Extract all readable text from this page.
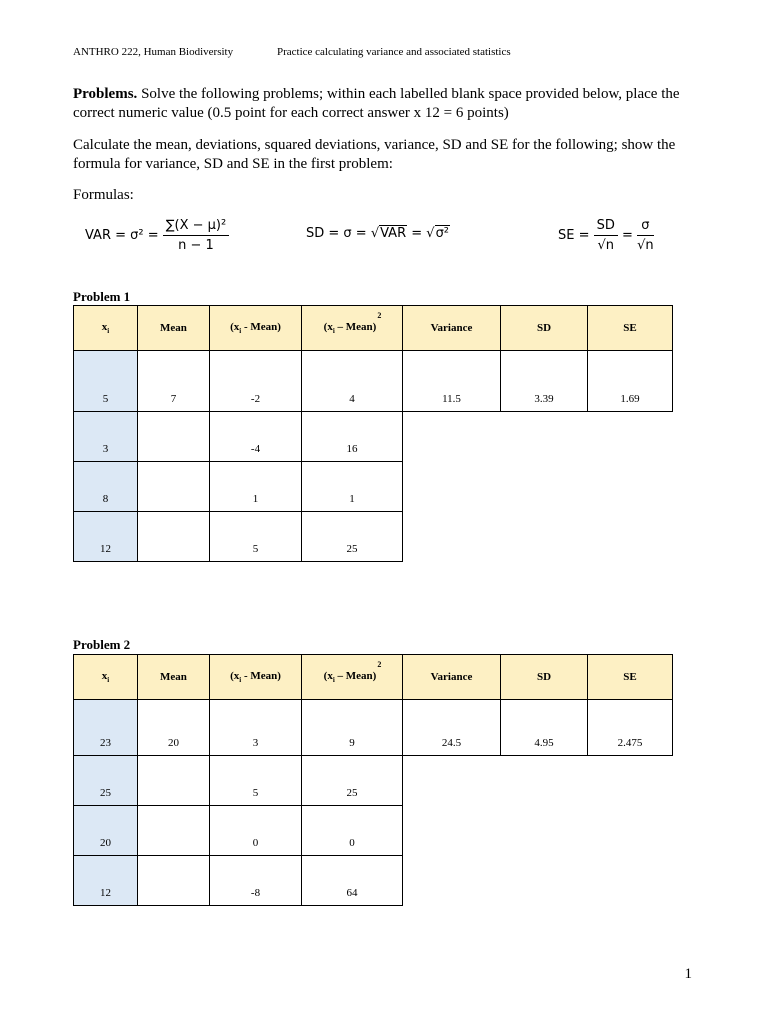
ANTHRO 222, Human Biodiversity	Practice calculating variance and associated statistics
Problems. Solve the following problems; within each labelled blank space provided below, place the correct numeric value (0.5 point for each correct answer x 12 = 6 points)
Calculate the mean, deviations, squared deviations, variance, SD and SE for the following; show the formula for variance, SD and SE in the first problem:
Formulas:
VAR = $\sigma^2 = \frac{\text{∑(X − μ)²}}{n - 1}$	SD = σ = √VAR = √σ²	SE = $\frac{SD}{√n} = \frac{\sigma}{√n}$
Problem 1
$x_i$	Mean	($x_i$ - Mean)	($x_i$ – Mean)$^2$	Variance	SD	SE
5	7	-2	4	11.5	3.39	1.69
3		-4	16			
8		1	1			
12		5	25			
Problem 2
$x_i$	Mean	($x_i$ - Mean)	($x_i$ – Mean)$^2$	Variance	SD	SE
23	20	3	9	24.5	4.95	2.475
25		5	25			
20		0	0			
12		-8	64			
1
